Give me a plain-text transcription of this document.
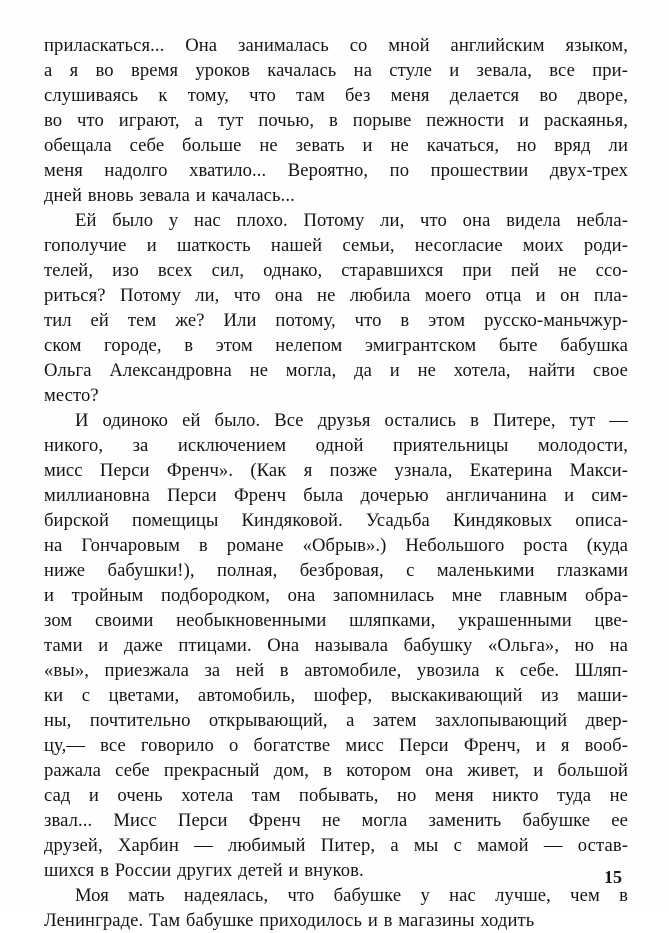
приласкаться... Она занималась со мной английским языком,
а я во время уроков качалась на стуле и зевала, все при-
слушиваясь к тому, что там без меня делается во дворе,
во что играют, а тут почью, в порыве пежности и раскаянья,
обещала себе больше не зевать и не качаться, но вряд ли
меня надолго хватило... Вероятно, по прошествии двух-трех
дней вновь зевала и качалась...
Ей было у нас плохо. Потому ли, что она видела небла-
гополучие и шаткость нашей семьи, несогласие моих роди-
телей, изо всех сил, однако, старавшихся при пей не ссо-
риться? Потому ли, что она не любила моего отца и он пла-
тил ей тем же? Или потому, что в этом русско-маньчжур-
ском городе, в этом нелепом эмигрантском быте бабушка
Ольга Александровна не могла, да и не хотела, найти свое
место?
И одиноко ей было. Все друзья остались в Питере, тут —
никого, за исключением одной приятельницы молодости,
мисс Перси Френч». (Как я позже узнала, Екатерина Макси-
миллиановна Перси Френч была дочерью англичанина и сим-
бирской помещицы Киндяковой. Усадьба Киндяковых описа-
на Гончаровым в романе «Обрыв».) Небольшого роста (куда
ниже бабушки!), полная, безбровая, с маленькими глазками
и тройным подбородком, она запомнилась мне главным обра-
зом своими необыкновенными шляпками, украшенными цве-
тами и даже птицами. Она называла бабушку «Ольга», но на
«вы», приезжала за ней в автомобиле, увозила к себе. Шляп-
ки с цветами, автомобиль, шофер, выскакивающий из маши-
ны, почтительно открывающий, а затем захлопывающий двер-
цу,— все говорило о богатстве мисс Перси Френч, и я вооб-
ражала себе прекрасный дом, в котором она живет, и большой
сад и очень хотела там побывать, но меня никто туда не
звал... Мисс Перси Френч не могла заменить бабушке ее
друзей, Харбин — любимый Питер, а мы с мамой — остав-
шихся в России других детей и внуков.
Моя мать надеялась, что бабушке у нас лучше, чем в
Ленинграде. Там бабушке приходилось и в магазины ходить
15
